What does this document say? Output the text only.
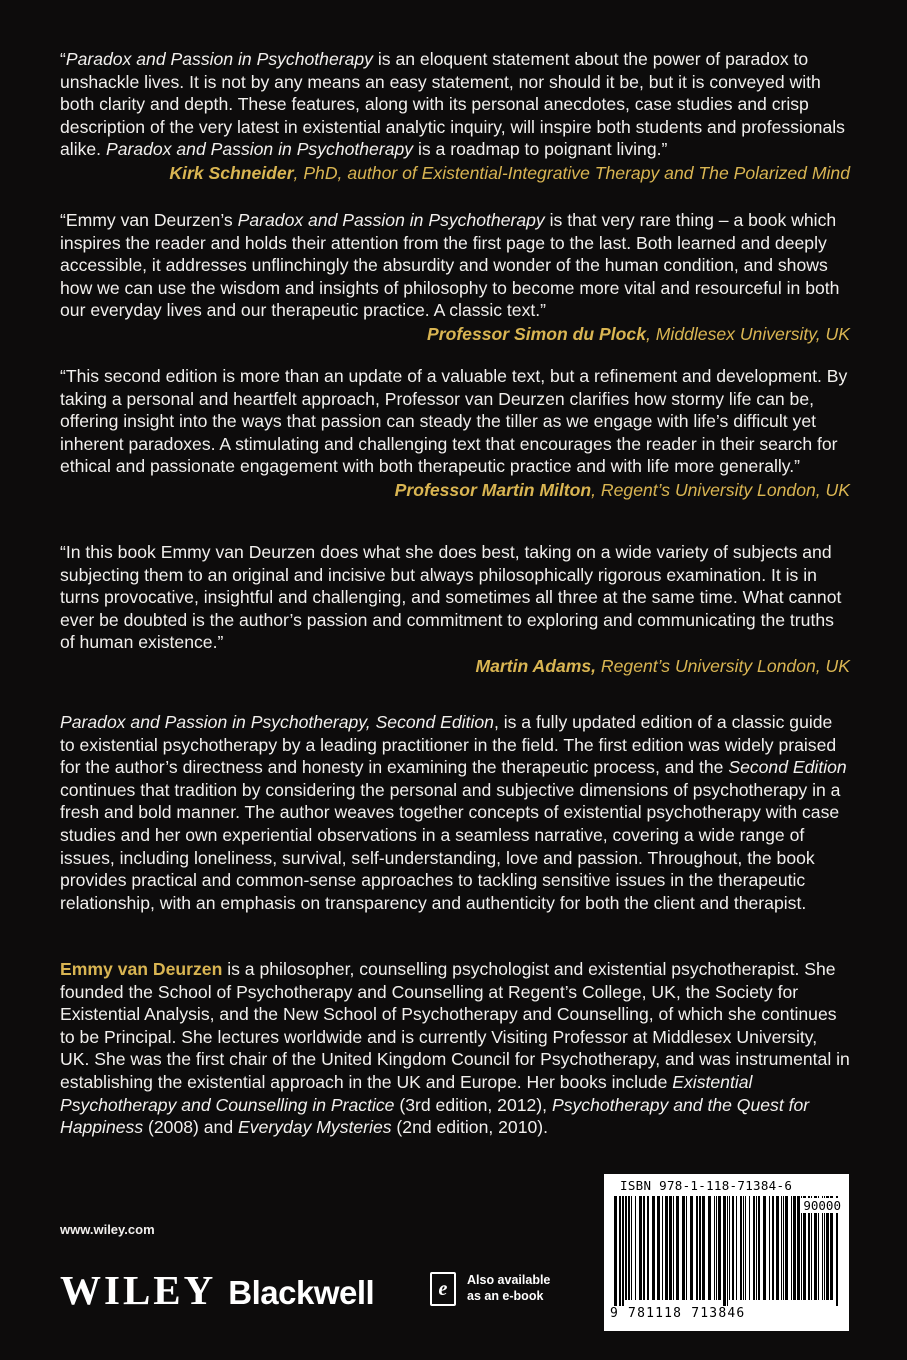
“Paradox and Passion in Psychotherapy is an eloquent statement about the power of paradox to unshackle lives. It is not by any means an easy statement, nor should it be, but it is conveyed with both clarity and depth. These features, along with its personal anecdotes, case studies and crisp description of the very latest in existential analytic inquiry, will inspire both students and professionals alike. Paradox and Passion in Psychotherapy is a roadmap to poignant living.”

Kirk Schneider, PhD, author of Existential-Integrative Therapy and The Polarized Mind

“Emmy van Deurzen’s Paradox and Passion in Psychotherapy is that very rare thing – a book which inspires the reader and holds their attention from the first page to the last. Both learned and deeply accessible, it addresses unflinchingly the absurdity and wonder of the human condition, and shows how we can use the wisdom and insights of philosophy to become more vital and resourceful in both our everyday lives and our therapeutic practice. A classic text.”

Professor Simon du Plock, Middlesex University, UK

“This second edition is more than an update of a valuable text, but a refinement and development. By taking a personal and heartfelt approach, Professor van Deurzen clarifies how stormy life can be, offering insight into the ways that passion can steady the tiller as we engage with life’s difficult yet inherent paradoxes. A stimulating and challenging text that encourages the reader in their search for ethical and passionate engagement with both therapeutic practice and with life more generally.”

Professor Martin Milton, Regent’s University London, UK

“In this book Emmy van Deurzen does what she does best, taking on a wide variety of subjects and subjecting them to an original and incisive but always philosophically rigorous examination. It is in turns provocative, insightful and challenging, and sometimes all three at the same time. What cannot ever be doubted is the author’s passion and commitment to exploring and communicating the truths of human existence.”

Martin Adams, Regent’s University London, UK

Paradox and Passion in Psychotherapy, Second Edition, is a fully updated edition of a classic guide to existential psychotherapy by a leading practitioner in the field. The first edition was widely praised for the author’s directness and honesty in examining the therapeutic process, and the Second Edition continues that tradition by considering the personal and subjective dimensions of psychotherapy in a fresh and bold manner. The author weaves together concepts of existential psychotherapy with case studies and her own experiential observations in a seamless narrative, covering a wide range of issues, including loneliness, survival, self-understanding, love and passion. Throughout, the book provides practical and common-sense approaches to tackling sensitive issues in the therapeutic relationship, with an emphasis on transparency and authenticity for both the client and therapist.

Emmy van Deurzen is a philosopher, counselling psychologist and existential psychotherapist. She founded the School of Psychotherapy and Counselling at Regent’s College, UK, the Society for Existential Analysis, and the New School of Psychotherapy and Counselling, of which she continues to be Principal. She lectures worldwide and is currently Visiting Professor at Middlesex University, UK. She was the first chair of the United Kingdom Council for Psychotherapy, and was instrumental in establishing the existential approach in the UK and Europe. Her books include Existential Psychotherapy and Counselling in Practice (3rd edition, 2012), Psychotherapy and the Quest for Happiness (2008) and Everyday Mysteries (2nd edition, 2010).

www.wiley.com
WILEY Blackwell	e	Also available
as an e-book
ISBN 978-1-118-71384-6
90000
9 781118 713846
